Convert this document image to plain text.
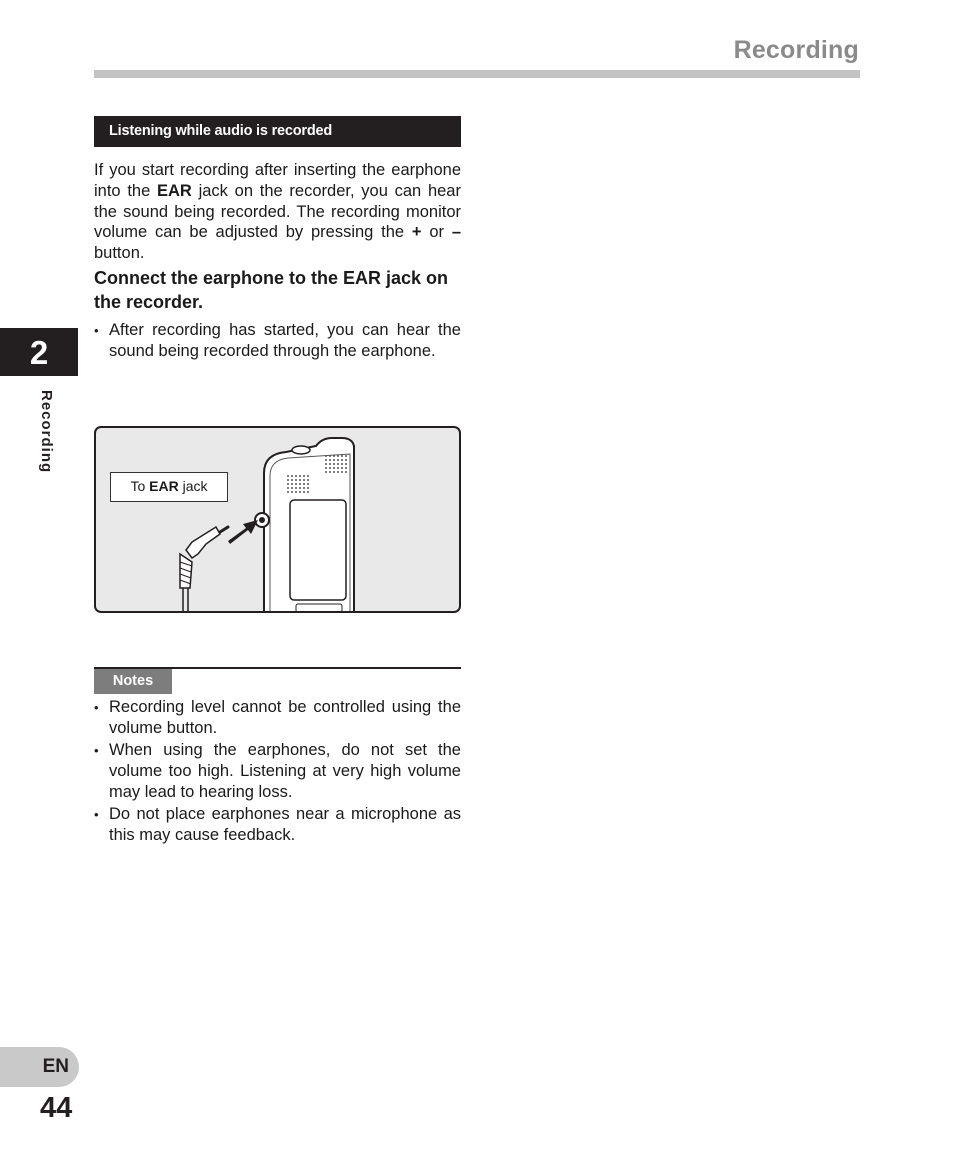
Recording
Listening while audio is recorded
If you start recording after inserting the earphone into the EAR jack on the recorder, you can hear the sound being recorded. The recording monitor volume can be adjusted by pressing the + or – button.
Connect the earphone to the EAR jack on the recorder.
• After recording has started, you can hear the sound being recorded through the earphone.
2
Recording
To EAR jack
Notes
• Recording level cannot be controlled using the volume button.
• When using the earphones, do not set the volume too high. Listening at very high volume may lead to hearing loss.
• Do not place earphones near a microphone as this may cause feedback.
EN
44
